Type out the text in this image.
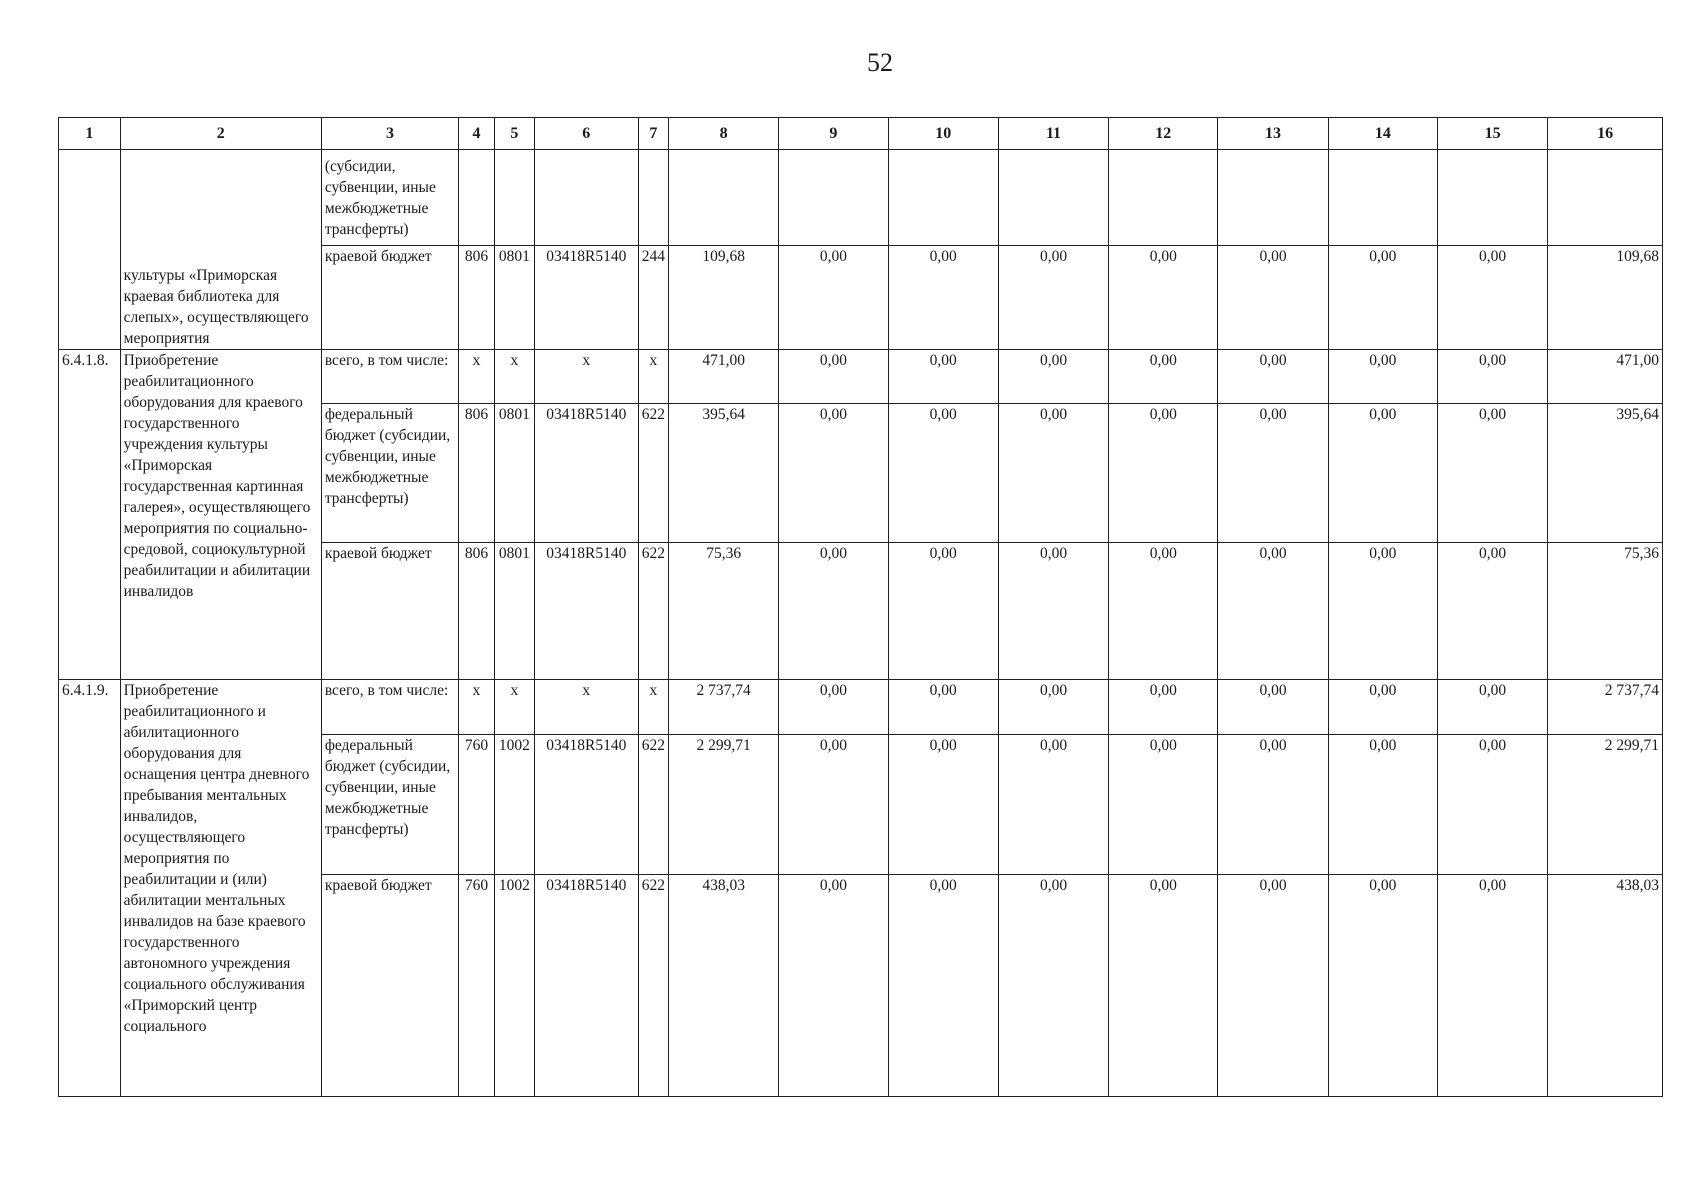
52
1	2	3	4	5	6	7	8	9	10	11	12	13	14	15	16
	культуры «Приморская краевая библиотека для слепых», осуществляющего мероприятия	(субсидии, субвенции, иные межбюджетные трансферты)													
		краевой бюджет	806	0801	03418R5140	244	109,68	0,00	0,00	0,00	0,00	0,00	0,00	0,00	109,68
6.4.1.8.	Приобретение реабилитационного оборудования для краевого государственного учреждения культуры «Приморская государственная картинная галерея», осуществляющего мероприятия по социально-средовой, социокультурной реабилитации и абилитации инвалидов	всего, в том числе:	x	x	x	x	471,00	0,00	0,00	0,00	0,00	0,00	0,00	0,00	471,00
		федеральный бюджет (субсидии, субвенции, иные межбюджетные трансферты)	806	0801	03418R5140	622	395,64	0,00	0,00	0,00	0,00	0,00	0,00	0,00	395,64
		краевой бюджет	806	0801	03418R5140	622	75,36	0,00	0,00	0,00	0,00	0,00	0,00	0,00	75,36
6.4.1.9.	Приобретение реабилитационного и абилитационного оборудования для оснащения центра дневного пребывания ментальных инвалидов, осуществляющего мероприятия по реабилитации и (или) абилитации ментальных инвалидов на базе краевого государственного автономного учреждения социального обслуживания «Приморский центр социального	всего, в том числе:	x	x	x	x	2 737,74	0,00	0,00	0,00	0,00	0,00	0,00	0,00	2 737,74
		федеральный бюджет (субсидии, субвенции, иные межбюджетные трансферты)	760	1002	03418R5140	622	2 299,71	0,00	0,00	0,00	0,00	0,00	0,00	0,00	2 299,71
		краевой бюджет	760	1002	03418R5140	622	438,03	0,00	0,00	0,00	0,00	0,00	0,00	0,00	438,03
